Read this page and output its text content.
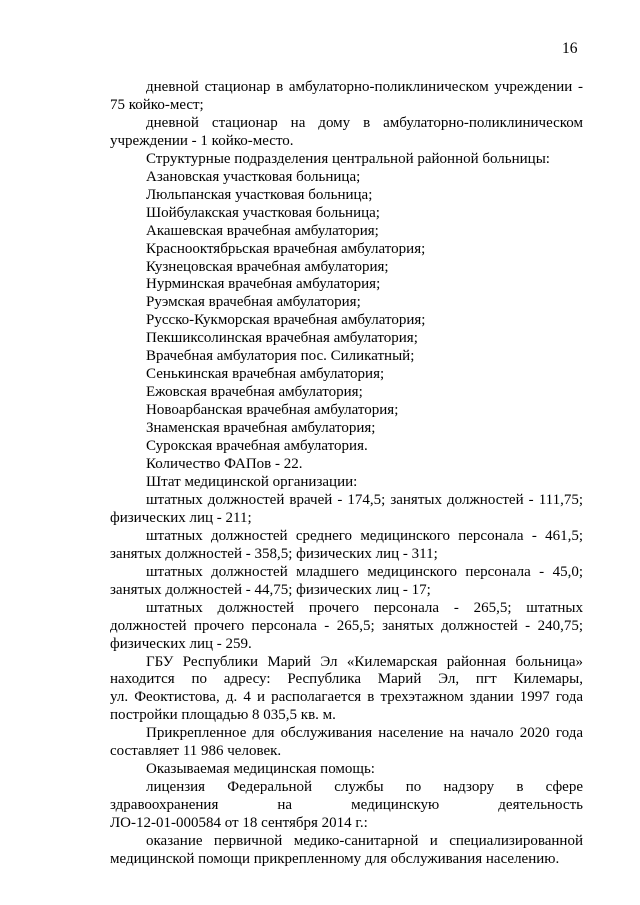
16

дневной стационар в амбулаторно-поликлиническом учреждении -

75 койко-мест;

дневной стационар на дому в амбулаторно-поликлиническом

учреждении - 1 койко-место.

Структурные подразделения центральной районной больницы:

Азановская участковая больница;

Люльпанская участковая больница;

Шойбулакская участковая больница;

Акашевская врачебная амбулатория;

Краснооктябрьская врачебная амбулатория;

Кузнецовская врачебная амбулатория;

Нурминская врачебная амбулатория;

Руэмская врачебная амбулатория;

Русско-Кукморская врачебная амбулатория;

Пекшиксолинская врачебная амбулатория;

Врачебная амбулатория пос. Силикатный;

Сенькинская врачебная амбулатория;

Ежовская врачебная амбулатория;

Новоарбанская врачебная амбулатория;

Знаменская врачебная амбулатория;

Сурокская врачебная амбулатория.

Количество ФАПов - 22.

Штат медицинской организации:

штатных должностей врачей - 174,5; занятых должностей - 111,75;

физических лиц - 211;

штатных должностей среднего медицинского персонала - 461,5;

занятых должностей - 358,5; физических лиц - 311;

штатных должностей младшего медицинского персонала - 45,0;

занятых должностей - 44,75; физических лиц - 17;

штатных должностей прочего персонала - 265,5; штатных

должностей прочего персонала - 265,5; занятых должностей - 240,75;

физических лиц - 259.

ГБУ Республики Марий Эл «Килемарская районная больница»

находится по адресу: Республика Марий Эл, пгт Килемары,

ул. Феоктистова, д. 4 и располагается в трехэтажном здании 1997 года

постройки площадью 8 035,5 кв. м.

Прикрепленное для обслуживания население на начало 2020 года

составляет 11 986 человек.

Оказываемая медицинская помощь:

лицензия Федеральной службы по надзору в сфере

здравоохранения на медицинскую деятельность

ЛО-12-01-000584 от 18 сентября 2014 г.:

оказание первичной медико-санитарной и специализированной

медицинской помощи прикрепленному для обслуживания населению.
